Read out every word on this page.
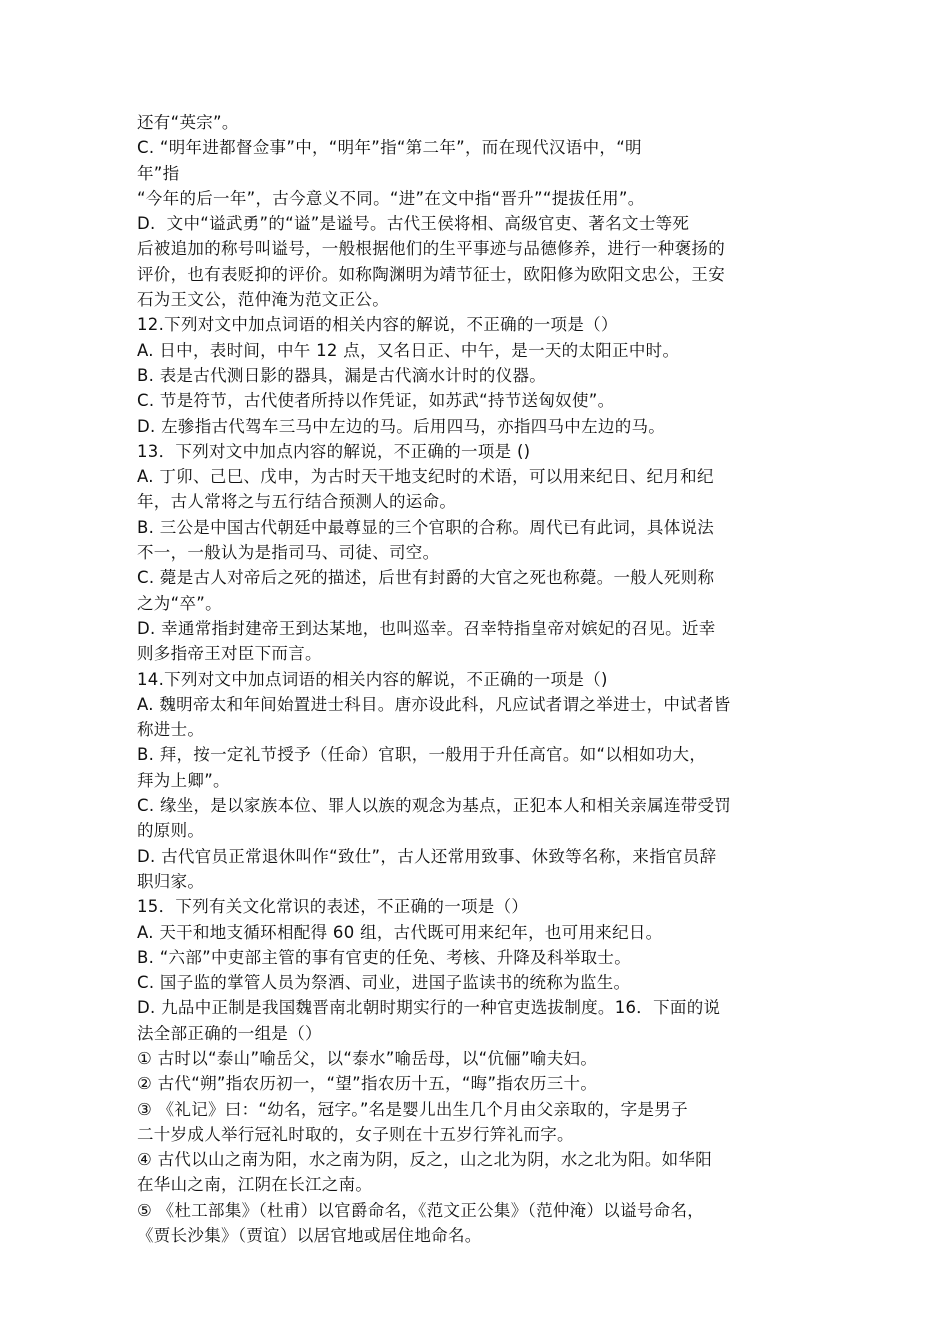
还有“英宗”。
C. “明年进都督佥事”中，“明年”指“第二年”，而在现代汉语中，“明
年”指
“今年的后一年”，古今意义不同。“进”在文中指“晋升”“提拔任用”。
D.  文中“谥武勇”的“谥”是谥号。古代王侯将相、高级官吏、著名文士等死
后被追加的称号叫谥号，一般根据他们的生平事迹与品德修养，进行一种褒扬的
评价，也有表贬抑的评价。如称陶渊明为靖节征士，欧阳修为欧阳文忠公，王安
石为王文公，范仲淹为范文正公。
12.下列对文中加点词语的相关内容的解说，不正确的一项是（）
A. 日中，表时间，中午 12 点，又名日正、中午，是一天的太阳正中时。
B. 表是古代测日影的器具，漏是古代滴水计时的仪器。
C. 节是符节，古代使者所持以作凭证，如苏武“持节送匈奴使”。
D. 左骖指古代驾车三马中左边的马。后用四马，亦指四马中左边的马。
13．下列对文中加点内容的解说，不正确的一项是 ()
A. 丁卯、己巳、戊申，为古时天干地支纪时的术语，可以用来纪日、纪月和纪
年，古人常将之与五行结合预测人的运命。
B. 三公是中国古代朝廷中最尊显的三个官职的合称。周代已有此词，具体说法
不一，一般认为是指司马、司徒、司空。
C. 薨是古人对帝后之死的描述，后世有封爵的大官之死也称薨。一般人死则称
之为“卒”。
D. 幸通常指封建帝王到达某地，也叫巡幸。召幸特指皇帝对嫔妃的召见。近幸
则多指帝王对臣下而言。
14.下列对文中加点词语的相关内容的解说，不正确的一项是（)
A. 魏明帝太和年间始置进士科目。唐亦设此科，凡应试者谓之举进士，中试者皆
称进士。
B. 拜，按一定礼节授予（任命）官职，一般用于升任高官。如“以相如功大，
拜为上卿”。
C. 缘坐，是以家族本位、罪人以族的观念为基点，正犯本人和相关亲属连带受罚
的原则。
D. 古代官员正常退休叫作“致仕”，古人还常用致事、休致等名称，来指官员辞
职归家。
15．下列有关文化常识的表述，不正确的一项是（）
A. 天干和地支循环相配得 60 组，古代既可用来纪年，也可用来纪日。
B. “六部”中吏部主管的事有官吏的任免、考核、升降及科举取士。
C. 国子监的掌管人员为祭酒、司业，进国子监读书的统称为监生。
D. 九品中正制是我国魏晋南北朝时期实行的一种官吏选拔制度。16．下面的说
法全部正确的一组是（）
① 古时以“泰山”喻岳父，以“泰水”喻岳母，以“伉俪”喻夫妇。
② 古代“朔”指农历初一，“望”指农历十五，“晦”指农历三十。
③ 《礼记》曰：“幼名，冠字。”名是婴儿出生几个月由父亲取的，字是男子
二十岁成人举行冠礼时取的，女子则在十五岁行笄礼而字。
④ 古代以山之南为阳，水之南为阴，反之，山之北为阴，水之北为阳。如华阳
在华山之南，江阴在长江之南。
⑤ 《杜工部集》（杜甫）以官爵命名，《范文正公集》（范仲淹）以谥号命名，
《贾长沙集》（贾谊）以居官地或居住地命名。
